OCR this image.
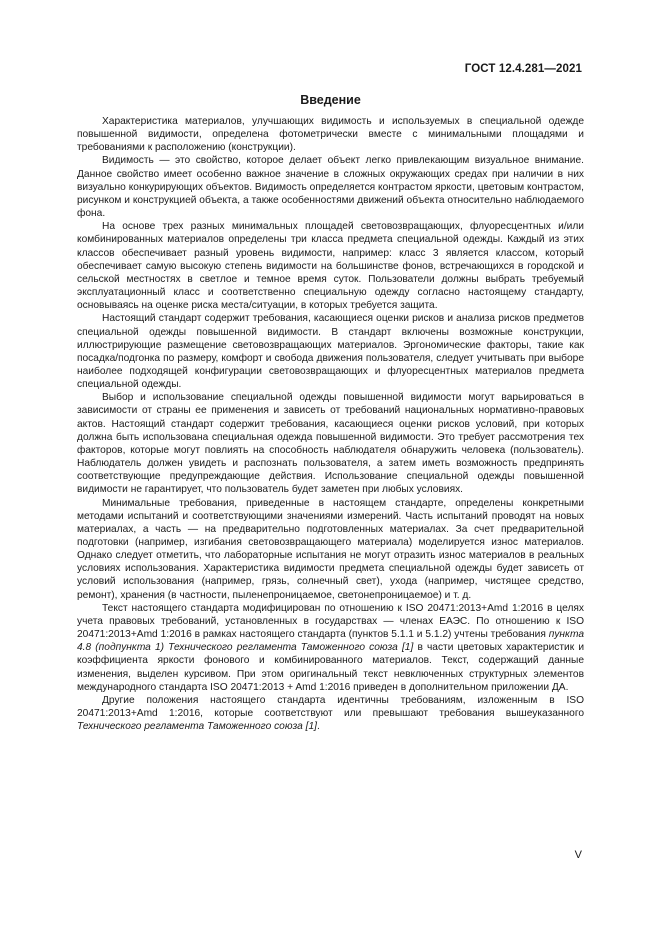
ГОСТ 12.4.281—2021
Введение

Характеристика материалов, улучшающих видимость и используемых в специальной одежде повышенной видимости, определена фотометрически вместе с минимальными площадями и требованиями к расположению (конструкции).

Видимость — это свойство, которое делает объект легко привлекающим визуальное внимание. Данное свойство имеет особенно важное значение в сложных окружающих средах при наличии в них визуально конкурирующих объектов. Видимость определяется контрастом яркости, цветовым контрастом, рисунком и конструкцией объекта, а также особенностями движений объекта относительно наблюдаемого фона.

На основе трех разных минимальных площадей световозвращающих, флуоресцентных и/или комбинированных материалов определены три класса предмета специальной одежды. Каждый из этих классов обеспечивает разный уровень видимости, например: класс 3 является классом, который обеспечивает самую высокую степень видимости на большинстве фонов, встречающихся в городской и сельской местностях в светлое и темное время суток. Пользователи должны выбрать требуемый эксплуатационный класс и соответственно специальную одежду согласно настоящему стандарту, основываясь на оценке риска места/ситуации, в которых требуется защита.

Настоящий стандарт содержит требования, касающиеся оценки рисков и анализа рисков предметов специальной одежды повышенной видимости. В стандарт включены возможные конструкции, иллюстрирующие размещение световозвращающих материалов. Эргономические факторы, такие как посадка/подгонка по размеру, комфорт и свобода движения пользователя, следует учитывать при выборе наиболее подходящей конфигурации световозвращающих и флуоресцентных материалов предмета специальной одежды.

Выбор и использование специальной одежды повышенной видимости могут варьироваться в зависимости от страны ее применения и зависеть от требований национальных нормативно-правовых актов. Настоящий стандарт содержит требования, касающиеся оценки рисков условий, при которых должна быть использована специальная одежда повышенной видимости. Это требует рассмотрения тех факторов, которые могут повлиять на способность наблюдателя обнаружить человека (пользователь). Наблюдатель должен увидеть и распознать пользователя, а затем иметь возможность предпринять соответствующие предупреждающие действия. Использование специальной одежды повышенной видимости не гарантирует, что пользователь будет заметен при любых условиях.

Минимальные требования, приведенные в настоящем стандарте, определены конкретными методами испытаний и соответствующими значениями измерений. Часть испытаний проводят на новых материалах, а часть — на предварительно подготовленных материалах. За счет предварительной подготовки (например, изгибания световозвращающего материала) моделируется износ материалов. Однако следует отметить, что лабораторные испытания не могут отразить износ материалов в реальных условиях использования. Характеристика видимости предмета специальной одежды будет зависеть от условий использования (например, грязь, солнечный свет), ухода (например, чистящее средство, ремонт), хранения (в частности, пыленепроницаемое, светонепроницаемое) и т. д.

Текст настоящего стандарта модифицирован по отношению к ISO 20471:2013+Amd 1:2016 в целях учета правовых требований, установленных в государствах — членах ЕАЭС. По отношению к ISO 20471:2013+Amd 1:2016 в рамках настоящего стандарта (пунктов 5.1.1 и 5.1.2) учтены требования пункта 4.8 (подпункта 1) Технического регламента Таможенного союза [1] в части цветовых характеристик и коэффициента яркости фонового и комбинированного материалов. Текст, содержащий данные изменения, выделен курсивом. При этом оригинальный текст невключенных структурных элементов международного стандарта ISO 20471:2013 + Amd 1:2016 приведен в дополнительном приложении ДА.

Другие положения настоящего стандарта идентичны требованиям, изложенным в ISO 20471:2013+Amd 1:2016, которые соответствуют или превышают требования вышеуказанного Технического регламента Таможенного союза [1].

V
